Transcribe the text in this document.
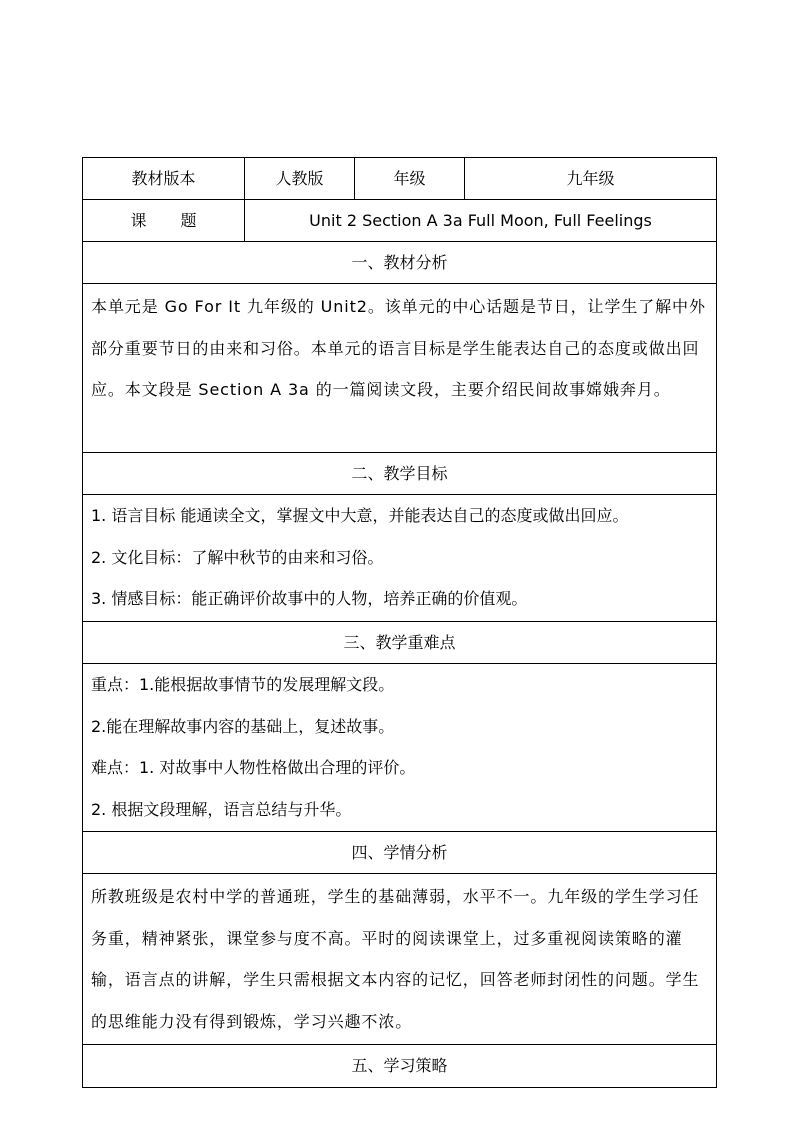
教材版本	人教版	年级	九年级
课 题	Unit 2 Section A 3a Full Moon, Full Feelings		
一、教材分析			

本单元是 Go For It 九年级的 Unit2。该单元的中心话题是节日，让学生了解中外部分重要节日的由来和习俗。本单元的语言目标是学生能表达自己的态度或做出回应。本文段是 Section A 3a 的一篇阅读文段，主要介绍民间故事嫦娥奔月。			

二、教学目标			

1. 语言目标 能通读全文，掌握文中大意，并能表达自己的态度或做出回应。
2. 文化目标：了解中秋节的由来和习俗。
3. 情感目标：能正确评价故事中的人物，培养正确的价值观。			

三、教学重难点			

重点：1.能根据故事情节的发展理解文段。
2.能在理解故事内容的基础上，复述故事。
难点：1. 对故事中人物性格做出合理的评价。
2. 根据文段理解，语言总结与升华。			

四、学情分析			

所教班级是农村中学的普通班，学生的基础薄弱，水平不一。九年级的学生学习任务重，精神紧张，课堂参与度不高。平时的阅读课堂上，过多重视阅读策略的灌输，语言点的讲解，学生只需根据文本内容的记忆，回答老师封闭性的问题。学生的思维能力没有得到锻炼，学习兴趣不浓。			

五、学习策略			
